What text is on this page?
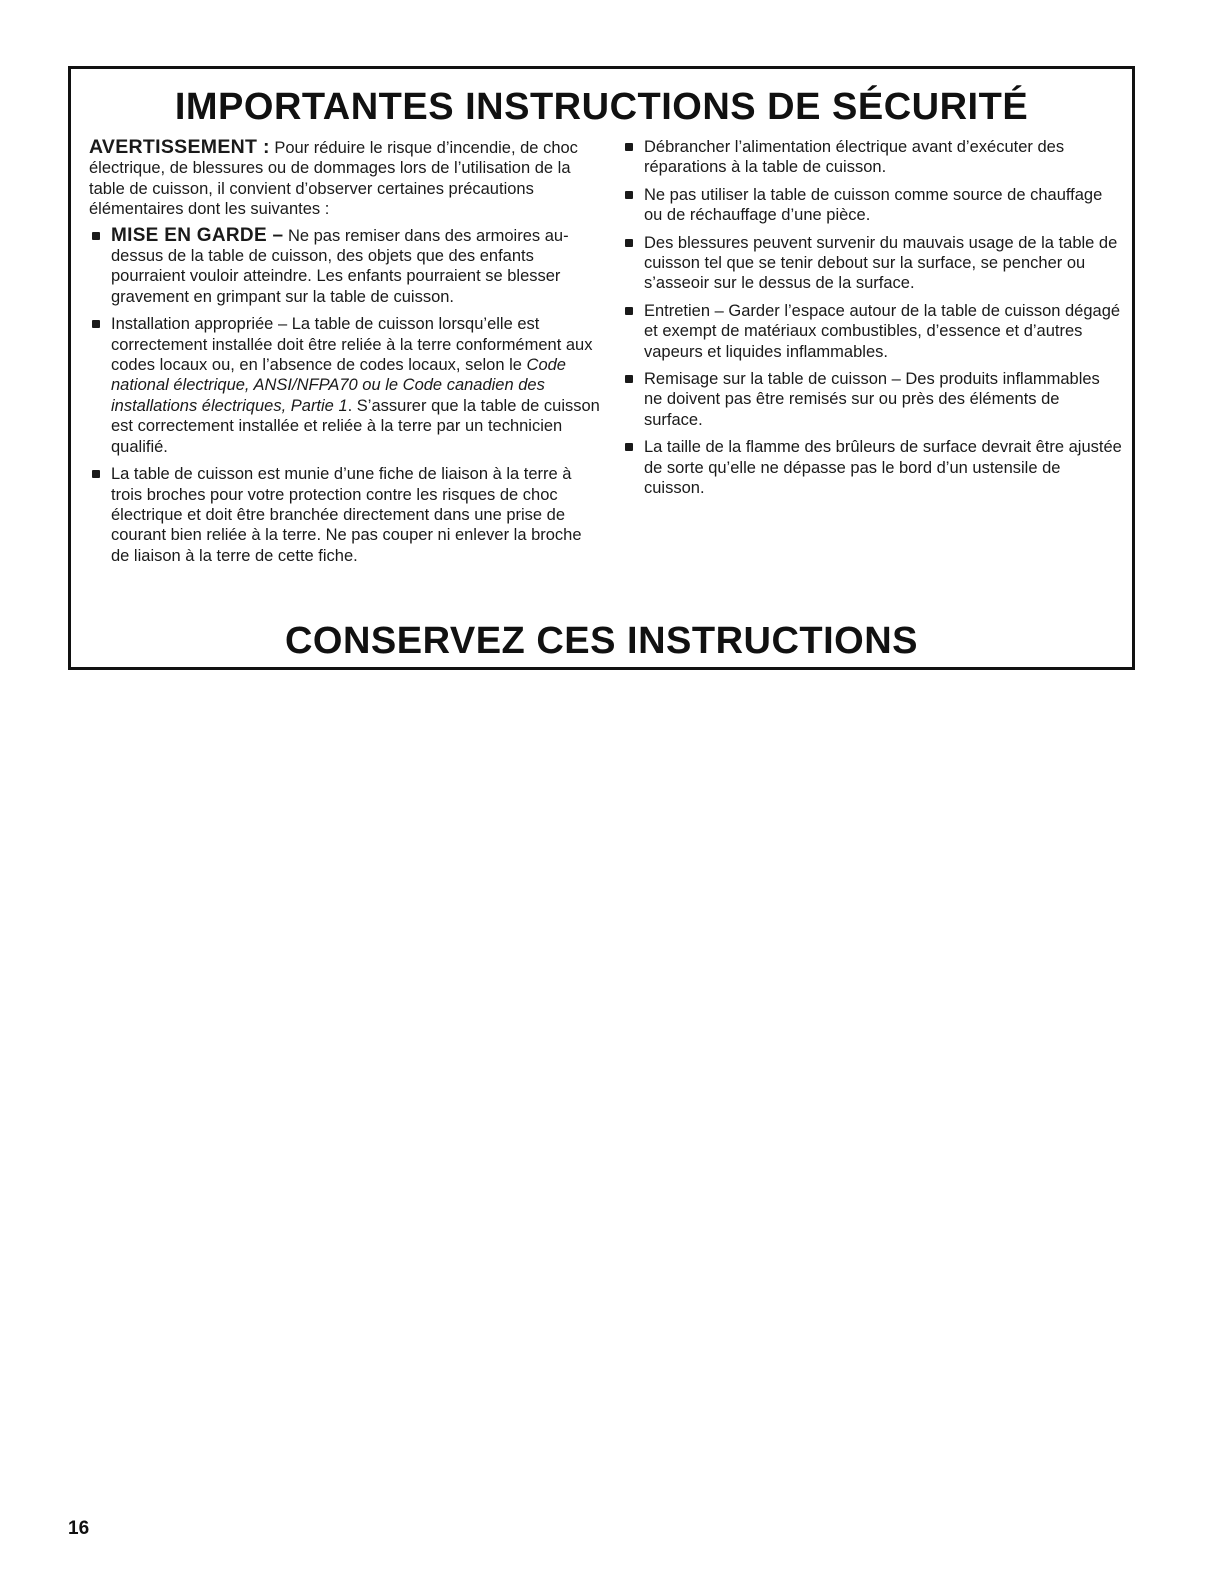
IMPORTANTES INSTRUCTIONS DE SÉCURITÉ

AVERTISSEMENT : Pour réduire le risque d’incendie, de choc électrique, de blessures ou de dommages lors de l’utilisation de la table de cuisson, il convient d’observer certaines précautions élémentaires dont les suivantes :

MISE EN GARDE – Ne pas remiser dans des armoires au-dessus de la table de cuisson, des objets que des enfants pourraient vouloir atteindre. Les enfants pourraient se blesser gravement en grimpant sur la table de cuisson.
Installation appropriée – La table de cuisson lorsqu’elle est correctement installée doit être reliée à la terre conformément aux codes locaux ou, en l’absence de codes locaux, selon le Code national électrique, ANSI/NFPA70 ou le Code canadien des installations électriques, Partie 1. S’assurer que la table de cuisson est correctement installée et reliée à la terre par un technicien qualifié.
La table de cuisson est munie d’une fiche de liaison à la terre à trois broches pour votre protection contre les risques de choc électrique et doit être branchée directement dans une prise de courant bien reliée à la terre. Ne pas couper ni enlever la broche de liaison à la terre de cette fiche.
Débrancher l’alimentation électrique avant d’exécuter des réparations à la table de cuisson.
Ne pas utiliser la table de cuisson comme source de chauffage ou de réchauffage d’une pièce.
Des blessures peuvent survenir du mauvais usage de la table de cuisson tel que se tenir debout sur la surface, se pencher ou s’asseoir sur le dessus de la surface.
Entretien – Garder l’espace autour de la table de cuisson dégagé et exempt de matériaux combustibles, d’essence et d’autres vapeurs et liquides inflammables.
Remisage sur la table de cuisson – Des produits inflammables ne doivent pas être remisés sur ou près des éléments de surface.
La taille de la flamme des brûleurs de surface devrait être ajustée de sorte qu’elle ne dépasse pas le bord d’un ustensile de cuisson.
CONSERVEZ CES INSTRUCTIONS
16
